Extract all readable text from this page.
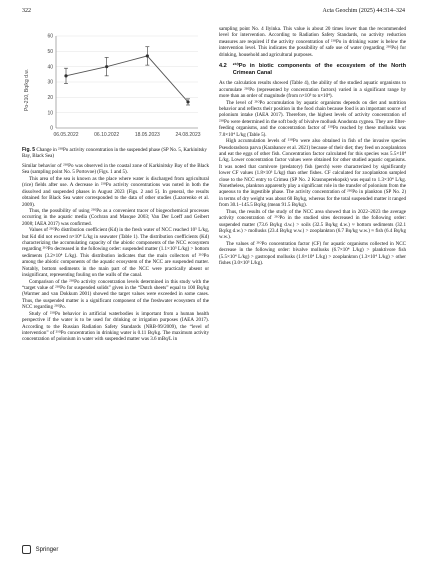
322	Acta Geochim (2025) 44:314–324
0
10
20
30
40
50
60
06.05.2022	06.10.2022	18.05.2023	24.08.2023
Po-210, Bq/kg d.w.
Fig. 5 Change in ²¹⁰Po activity concentration in the suspended phase (SP No. 5, Karkinitsky Bay, Black Sea)

Similar behavior of ²¹⁰Po was observed in the coastal zone of Karkinitsky Bay of the Black Sea (sampling point No. 5 Portovoe) (Figs. 1 and 5).

This area of the sea is known as the place where water is discharged from agricultural (rice) fields after use. A decrease in ²¹⁰Po activity concentrations was noted in both the dissolved and suspended phases in August 2023 (Figs. 2 and 5). In general, the results obtained for Black Sea water corresponded to the data of other studies (Lazorenko et al. 2009).

Thus, the possibility of using ²¹⁰Po as a convenient tracer of biogeochemical processes occurring in the aquatic media (Cochran and Masque 2003; Van Der Loeff and Geibert 2008; IAEA 2017) was confirmed.

Values of ²¹⁰Po distribution coefficient (Kd) in the fresh water of NCC reached 10⁵ L/kg, but Kd did not exceed n×10⁴ L/kg in seawater (Table 1). The distribution coefficients (Kd) characterizing the accumulating capacity of the abiotic components of the NCC ecosystem regarding ²¹⁰Po decreased in the following order: suspended matter (1.1×10⁵ L/kg) > bottom sediments (3.2×10⁴ L/kg). This distribution indicates that the main collectors of ²¹⁰Po among the abiotic components of the aquatic ecosystem of the NCC are suspended matter. Notably, bottom sediments in the main part of the NCC were practically absent or insignificant, representing fouling on the walls of the canal.

Comparison of the ²¹⁰Po activity concentration levels determined in this study with the “target value of ²¹⁰Po for suspended solids” given in the “Dutch sheets” equal to 100 Bq/kg (Warmer and van Dokkum 2001) showed the target values were exceeded in some cases. Thus, the suspended matter is a significant component of the freshwater ecosystem of the NCC regarding ²¹⁰Po.

Study of ²¹⁰Po behavior in artificial waterbodies is important from a human health perspective if the water is to be used for drinking or irrigation purposes (IAEA 2017). According to the Russian Radiation Safety Standards (NRB-99/2009), the “level of intervention” of ²¹⁰Po concentration in drinking water is 0.11 Bq/kg. The maximum activity concentration of polonium in water with suspended matter was 3.6 mBq/L in

sampling point No. 4 Ilyinka. This value is about 20 times lower than the recommended level for intervention. According to Radiation Safety Standards, no activity reduction measures are required if the activity concentration of ²¹⁰Po in drinking water is below the intervention level. This indicates the possibility of safe use of water (regarding ²¹⁰Po) for drinking, household and agricultural purposes.

4.2 ²¹⁰Po in biotic components of the ecosystem of the North Crimean Canal

As the calculation results showed (Table 4), the ability of the studied aquatic organisms to accumulate ²¹⁰Po (represented by concentration factors) varied in a significant range by more than an order of magnitude (from n×10³ to n×10⁴).

The level of ²¹⁰Po accumulation by aquatic organisms depends on diet and nutrition behavior and reflects their position in the food chain because food is an important source of polonium intake (IAEA 2017). Therefore, the highest levels of activity concentration of ²¹⁰Po were determined in the soft body of bivalve mollusk Anodonta cygnea. They are filter-feeding organisms, and the concentration factor of ²¹⁰Po reached by these mollusks was 7.0×10⁴ L/kg (Table 5).

High accumulation levels of ²¹⁰Po were also obtained in fish of the invasive species Pseudorasbora parva (Karabanov et al. 2021) because of their diet; they feed on zooplankton and eat the eggs of other fish. Concentration factor calculated for this species was 5.5×10⁴ L/kg. Lower concentration factor values were obtained for other studied aquatic organisms. It was noted that carnivore (predatory) fish (perch) were characterized by significantly lower CF values (1.8×10³ L/kg) than other fishes. CF calculated for zooplankton sampled close to the NCC entry to Crimea (SP No. 2 Krasnoperekopsk) was equal to 1.3×10⁴ L/kg. Nonetheless, plankton apparently play a significant role in the transfer of polonium from the aqueous to the ingestible phase. The activity concentration of ²¹⁰Po in plankton (SP No. 2) in terms of dry weight was about 60 Bq/kg, whereas for the total suspended matter it ranged from 30.1–145.5 Bq/kg (mean 91.5 Bq/kg).

Thus, the results of the study of the NCC area showed that in 2022–2023 the average activity concentration of ²¹⁰Po in the studied sites decreased in the following order: suspended matter (73.6 Bq/kg d.w.) > soils (32.5 Bq/kg d.w.) ≈ bottom sediments (32.1 Bq/kg d.w.) > mollusks (23.4 Bq/kg w.w.) > zooplankton (6.7 Bq/kg w.w.) ≈ fish (6.4 Bq/kg w.w.).

The values of ²¹⁰Po concentration factor (CF) for aquatic organisms collected in NCC decrease in the following order: bivalve mollusks (6.7×10⁴ L/kg) > planktivore fish (5.5×10⁴ L/kg) > gastropod mollusks (1.8×10⁴ L/kg) > zooplankton (1.3×10⁴ L/kg) > other fishes (3.0×10³ L/kg).

Springer
